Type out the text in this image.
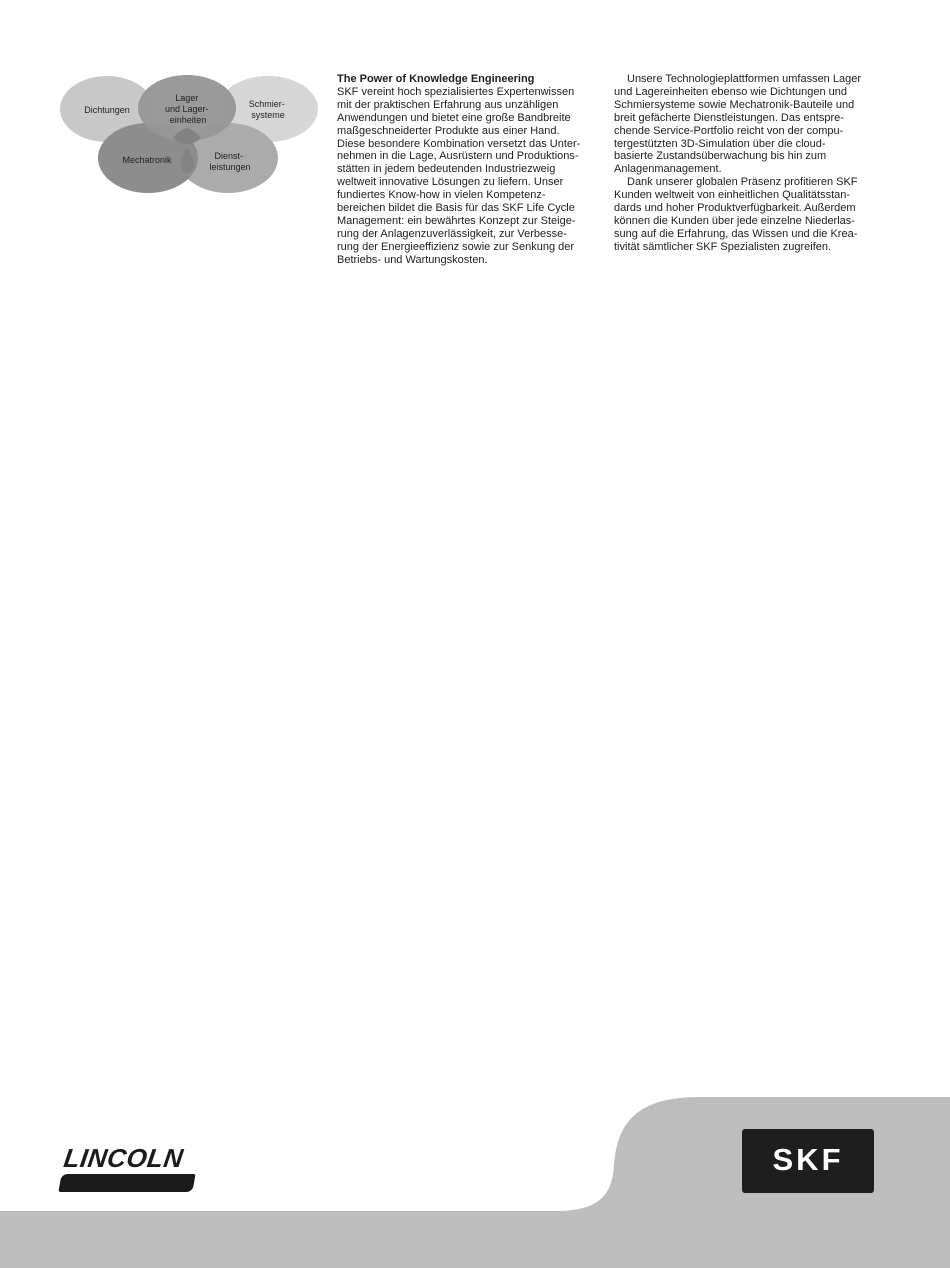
Dichtungen
Lager und Lager- einheiten
Schmier- systeme
Mechatronik	Dienst- leistungen
The Power of Knowledge Engineering

SKF vereint hoch spezialisiertes Expertenwissen
mit der praktischen Erfahrung aus unzähligen
Anwendungen und bietet eine große Bandbreite
maßgeschneiderter Produkte aus einer Hand.
Diese besondere Kombination versetzt das Unter-
nehmen in die Lage, Ausrüstern und Produktions-
stätten in jedem bedeutenden Industriezweig
weltweit innovative Lösungen zu liefern. Unser
fundiertes Know-how in vielen Kompetenz-
bereichen bildet die Basis für das SKF Life Cycle
Management: ein bewährtes Konzept zur Steige-
rung der Anlagenzuverlässigkeit, zur Verbesse-
rung der Energieeffizienz sowie zur Senkung der
Betriebs- und Wartungskosten.

Unsere Technologieplattformen umfassen Lager
und Lagereinheiten ebenso wie Dichtungen und
Schmiersysteme sowie Mechatronik-Bauteile und
breit gefächerte Dienstleistungen. Das entspre-
chende Service-Portfolio reicht von der compu-
tergestützten 3D-Simulation über die cloud-
basierte Zustandsüberwachung bis hin zum
Anlagenmanagement.

Dank unserer globalen Präsenz profitieren SKF
Kunden weltweit von einheitlichen Qualitätsstan-
dards und hoher Produktverfügbarkeit. Außerdem
können die Kunden über jede einzelne Niederlas-
sung auf die Erfahrung, das Wissen und die Krea-
tivität sämtlicher SKF Spezialisten zugreifen.

LINCOLN	SKF
